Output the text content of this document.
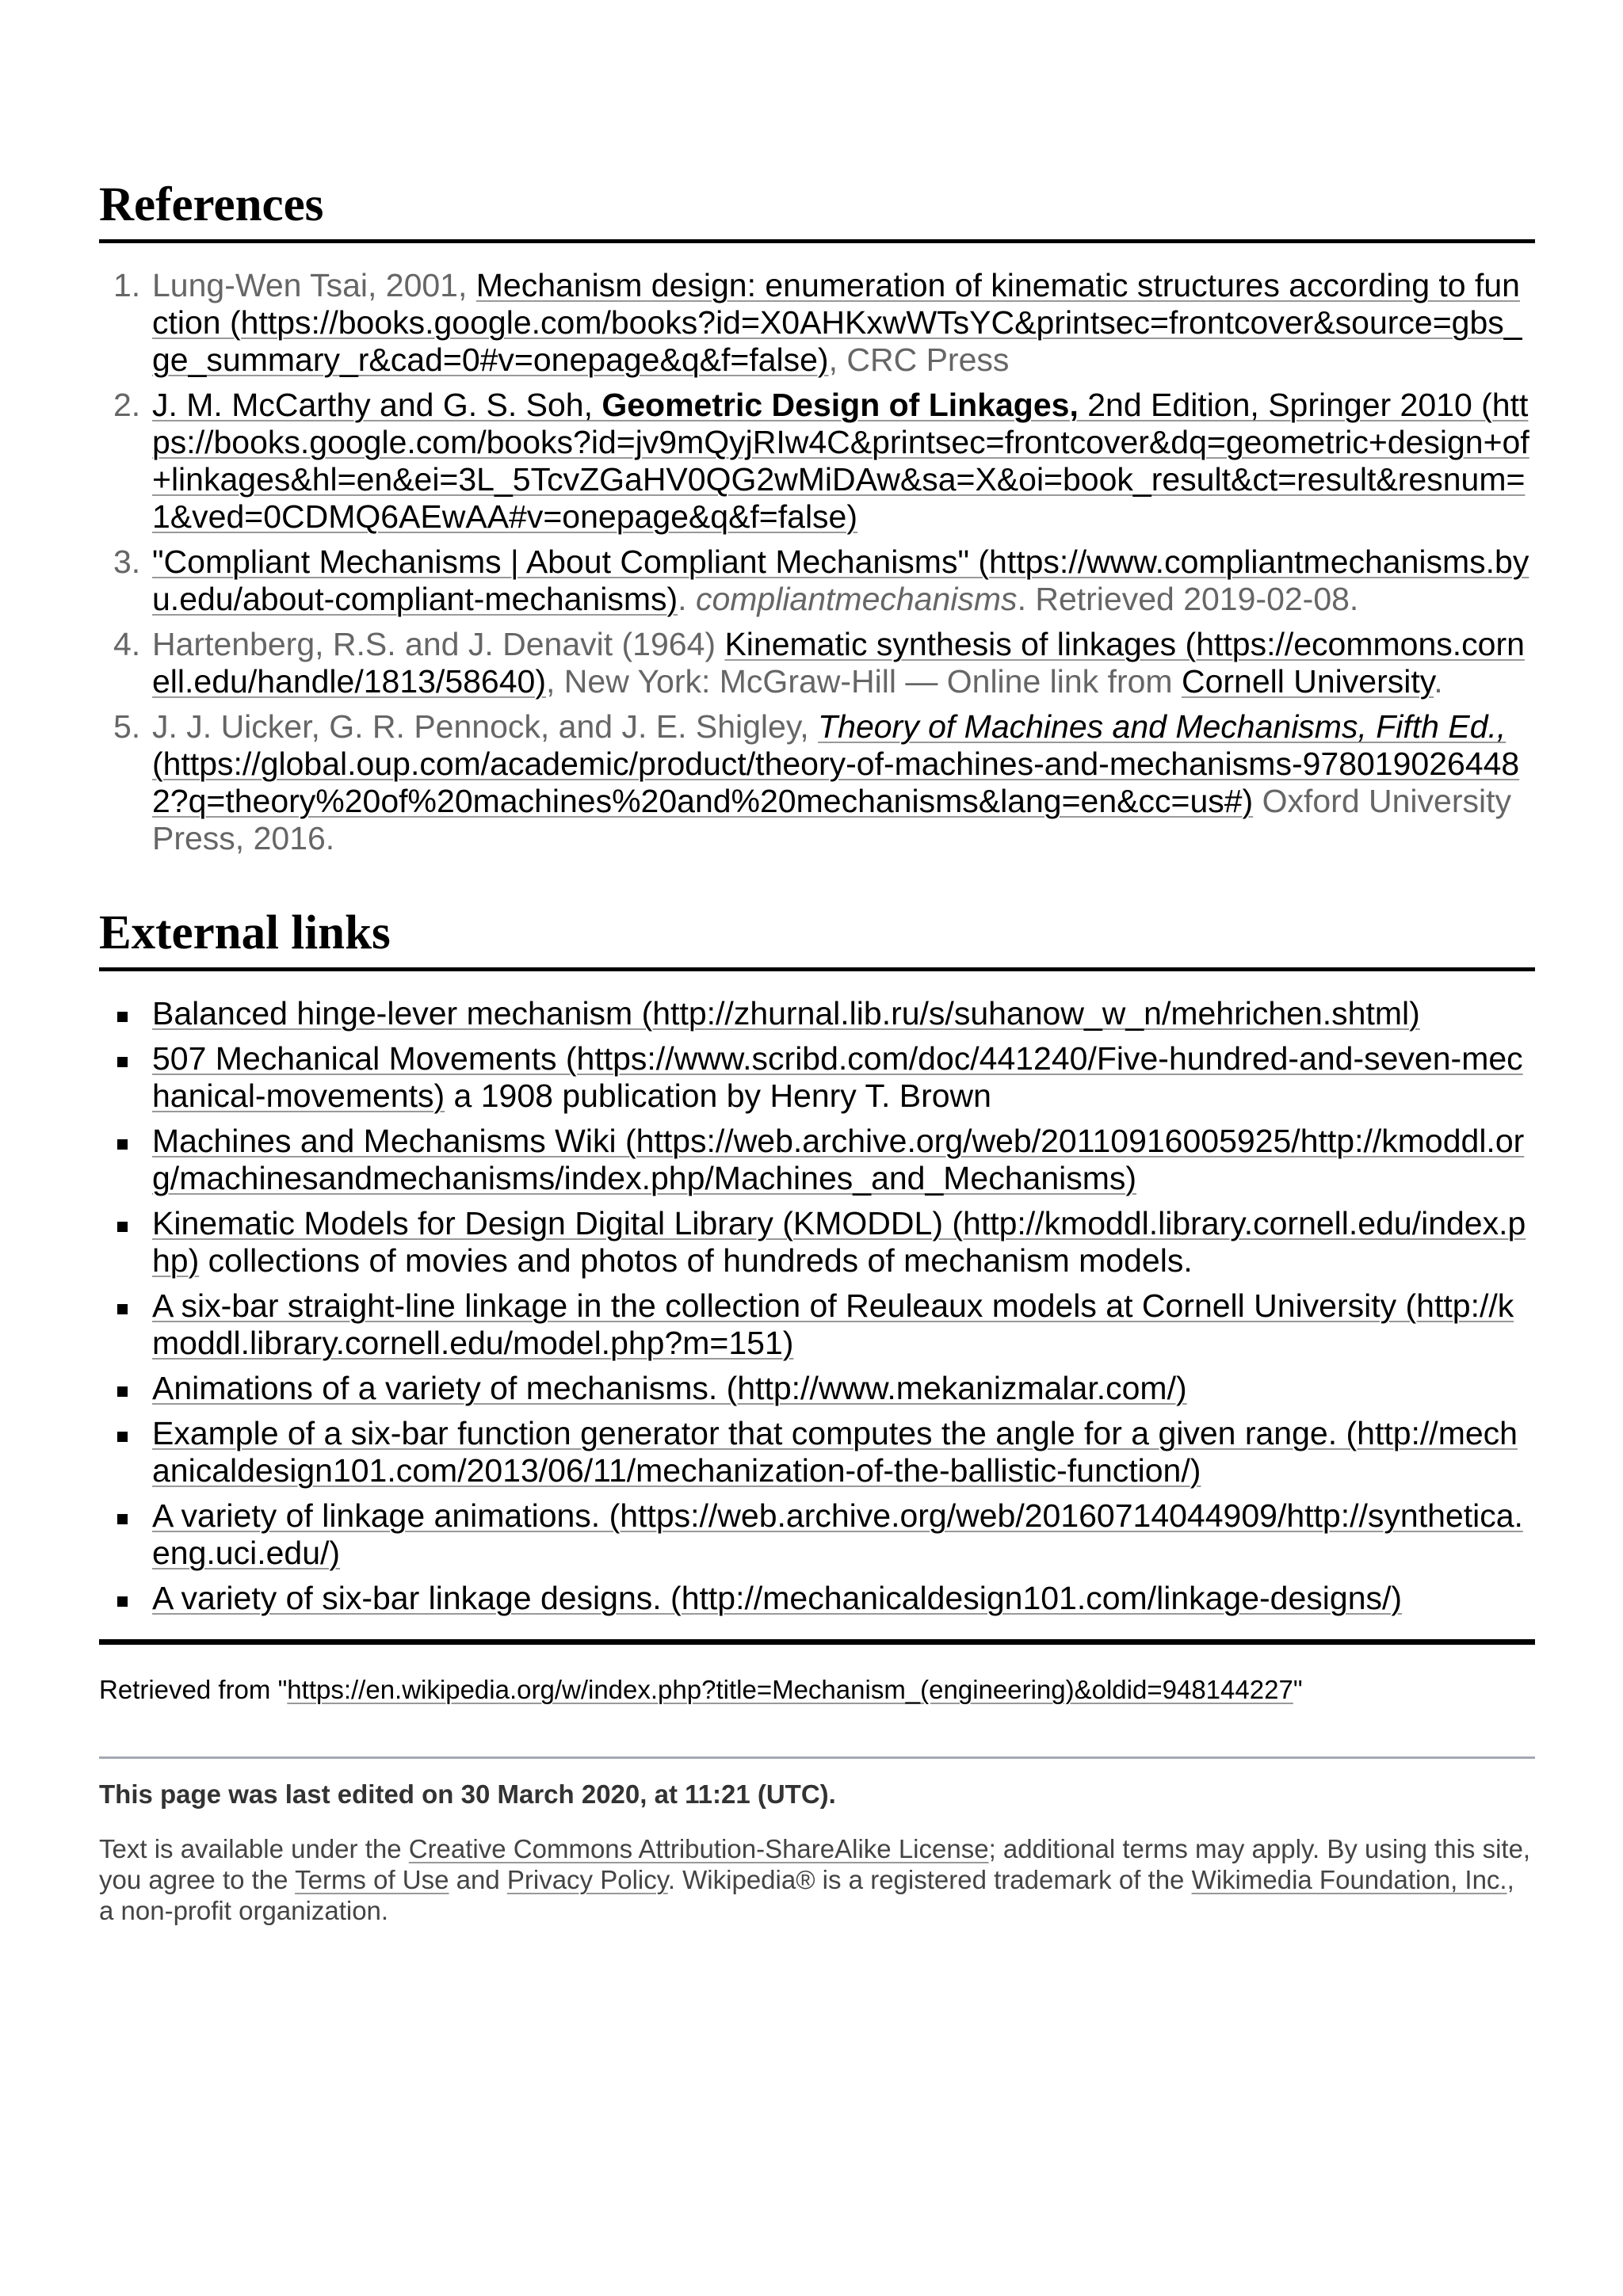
References
1. Lung-Wen Tsai, 2001, Mechanism design: enumeration of kinematic structures according to function (https://books.google.com/books?id=X0AHKxwWTsYC&printsec=frontcover&source=gbs_ge_summary_r&cad=0#v=onepage&q&f=false), CRC Press
2. J. M. McCarthy and G. S. Soh, Geometric Design of Linkages, 2nd Edition, Springer 2010 (https://books.google.com/books?id=jv9mQyjRIw4C&printsec=frontcover&dq=geometric+design+of+linkages&hl=en&ei=3L_5TcvZGaHV0QG2wMiDAw&sa=X&oi=book_result&ct=result&resnum=1&ved=0CDMQ6AEwAA#v=onepage&q&f=false)
3. "Compliant Mechanisms | About Compliant Mechanisms" (https://www.compliantmechanisms.byu.edu/about-compliant-mechanisms). compliantmechanisms. Retrieved 2019-02-08.
4. Hartenberg, R.S. and J. Denavit (1964) Kinematic synthesis of linkages (https://ecommons.cornell.edu/handle/1813/58640), New York: McGraw-Hill — Online link from Cornell University.
5. J. J. Uicker, G. R. Pennock, and J. E. Shigley, Theory of Machines and Mechanisms, Fifth Ed., (https://global.oup.com/academic/product/theory-of-machines-and-mechanisms-9780190264482?q=theory%20of%20machines%20and%20mechanisms&lang=en&cc=us#) Oxford University Press, 2016.
External links
Balanced hinge-lever mechanism (http://zhurnal.lib.ru/s/suhanow_w_n/mehrichen.shtml)
507 Mechanical Movements (https://www.scribd.com/doc/441240/Five-hundred-and-seven-mechanical-movements) a 1908 publication by Henry T. Brown
Machines and Mechanisms Wiki (https://web.archive.org/web/20110916005925/http://kmoddl.org/machinesandmechanisms/index.php/Machines_and_Mechanisms)
Kinematic Models for Design Digital Library (KMODDL) (http://kmoddl.library.cornell.edu/index.php) collections of movies and photos of hundreds of mechanism models.
A six-bar straight-line linkage in the collection of Reuleaux models at Cornell University (http://kmoddl.library.cornell.edu/model.php?m=151)
Animations of a variety of mechanisms. (http://www.mekanizmalar.com/)
Example of a six-bar function generator that computes the angle for a given range. (http://mechanicaldesign101.com/2013/06/11/mechanization-of-the-ballistic-function/)
A variety of linkage animations. (https://web.archive.org/web/20160714044909/http://synthetica.eng.uci.edu/)
A variety of six-bar linkage designs. (http://mechanicaldesign101.com/linkage-designs/)
Retrieved from "https://en.wikipedia.org/w/index.php?title=Mechanism_(engineering)&oldid=948144227"
This page was last edited on 30 March 2020, at 11:21 (UTC).
Text is available under the Creative Commons Attribution-ShareAlike License; additional terms may apply. By using this site, you agree to the Terms of Use and Privacy Policy. Wikipedia® is a registered trademark of the Wikimedia Foundation, Inc., a non-profit organization.
